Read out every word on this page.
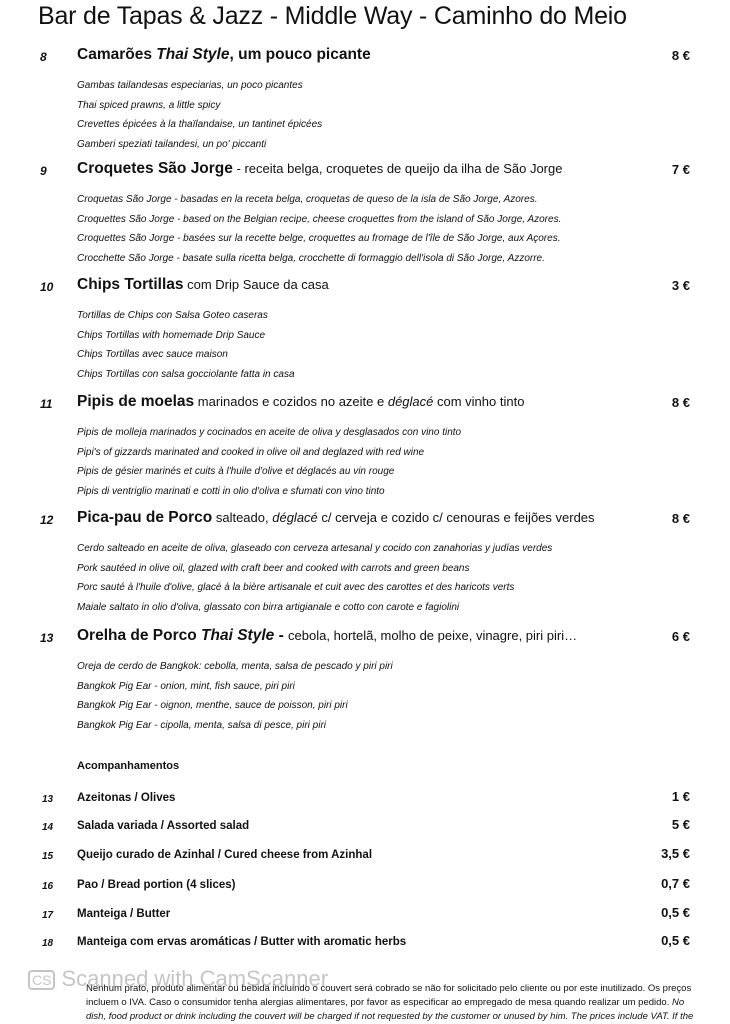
Bar de Tapas & Jazz - Middle Way - Caminho do Meio
8 Camarões Thai Style, um pouco picante	8 €
Gambas tailandesas especiarias, un poco picantes
Thai spiced prawns, a little spicy
Crevettes épicées à la thaïlandaise, un tantinet épicées
Gamberi speziati tailandesi, un po' piccanti
9 Croquetes São Jorge - receita belga, croquetes de queijo da ilha de São Jorge	7 €
Croquetas São Jorge - basadas en la receta belga, croquetas de queso de la isla de São Jorge, Azores.
Croquettes São Jorge - based on the Belgian recipe, cheese croquettes from the island of São Jorge, Azores.
Croquettes São Jorge - basées sur la recette belge, croquettes au fromage de l'île de São Jorge, aux Açores.
Crocchette São Jorge - basate sulla ricetta belga, crocchette di formaggio dell'isola di São Jorge, Azzorre.
10 Chips Tortillas com Drip Sauce da casa	3 €
Tortillas de Chips con Salsa Goteo caseras
Chips Tortillas with homemade Drip Sauce
Chips Tortillas avec sauce maison
Chips Tortillas con salsa gocciolante fatta in casa
11 Pipis de moelas marinados e cozidos no azeite e déglacé com vinho tinto	8 €
Pipis de molleja marinados y cocinados en aceite de oliva y desglasados con vino tinto
Pipi's of gizzards marinated and cooked in olive oil and deglazed with red wine
Pipis de gésier marinés et cuits à l'huile d'olive et déglacés au vin rouge
Pipis di ventriglio marinati e cotti in olio d'oliva e sfumati con vino tinto
12 Pica-pau de Porco salteado, déglacé c/ cerveja e cozido c/ cenouras e feijões verdes	8 €
Cerdo salteado en aceite de oliva, glaseado con cerveza artesanal y cocido con zanahorias y judías verdes
Pork sautéed in olive oil, glazed with craft beer and cooked with carrots and green beans
Porc sauté à l'huile d'olive, glacé à la bière artisanale et cuit avec des carottes et des haricots verts
Maiale saltato in olio d'oliva, glassato con birra artigianale e cotto con carote e fagiolini
13 Orelha de Porco Thai Style - cebola, hortelã, molho de peixe, vinagre, piri piri…	6 €
Oreja de cerdo de Bangkok: cebolla, menta, salsa de pescado y piri piri
Bangkok Pig Ear - onion, mint, fish sauce, piri piri
Bangkok Pig Ear - oignon, menthe, sauce de poisson, piri piri
Bangkok Pig Ear - cipolla, menta, salsa di pesce, piri piri
Acompanhamentos
13 Azeitonas / Olives	1 €
14 Salada variada / Assorted salad	5 €
15 Queijo curado de Azinhal / Cured cheese from Azinhal	3,5 €
16 Pao / Bread portion (4 slices)	0,7 €
17 Manteiga / Butter	0,5 €
18 Manteiga com ervas aromáticas / Butter with aromatic herbs	0,5 €
Nenhum prato, produto alimentar ou bebida incluindo o couvert será cobrado se não for solicitado pelo cliente ou por este inutilizado. Os preços incluem o IVA. Caso o consumidor tenha alergias alimentares, por favor as especificar ao empregado de mesa quando realizar um pedido. No dish, food product or drink including the couvert will be charged if not requested by the customer or unused by him. The prices include VAT. If the
CS Scanned with CamScanner
